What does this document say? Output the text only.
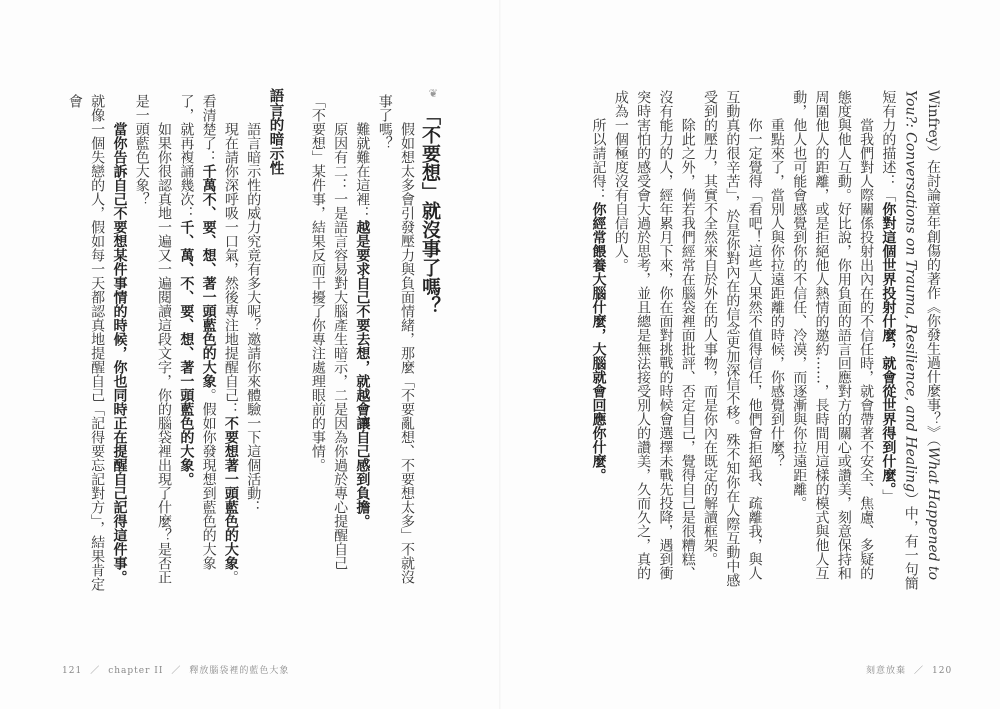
Winfrey）在討論童年創傷的著作《你發生過什麼事？》（What Happened to You?: Conversations on Trauma, Resilience, and Healing）中，有一句簡短有力的描述：「你對這個世界投射什麼，就會從世界得到什麼。」

當我們對人際關係投射出內在的不信任時，就會帶著不安全、焦慮、多疑的態度與他人互動。好比說，你用負面的語言回應對方的關心或讚美，刻意保持和周圍他人的距離，或是拒絕他人熱情的邀約……，長時間用這樣的模式與他人互動，他人也可能會感覺到你的不信任、冷漠，而逐漸與你拉遠距離。

重點來了，當別人與你拉遠距離的時候，你感覺到什麼？

你一定覺得「看吧！這些人果然不值得信任，他們會拒絕我、疏離我，與人互動真的很辛苦」，於是你對內在的信念更加深信不移。殊不知你在人際互動中感受到的壓力，其實不全然來自於外在的人事物，而是你內在既定的解讀框架。

除此之外，倘若我們經常在腦袋裡面批評、否定自己，覺得自己是很糟糕、沒有能力的人，經年累月下來，你在面對挑戰的時候會選擇未戰先投降，遇到衝突時害怕的感受會大過於思考，並且總是無法接受別人的讚美，久而久之，真的成為一個極度沒有自信的人。

所以請記得：你經常餵養大腦什麼，大腦就會回應你什麼。

刻意放棄 ／ 120
❦
「不要想」就沒事了嗎？

假如想太多會引發壓力與負面情緒，那麼「不要亂想、不要想太多」不就沒事了嗎？

難就難在這裡：越是要求自己不要去想，就越會讓自己感到負擔。

原因有二：一是語言容易對大腦產生暗示，二是因為你過於專心提醒自己「不要想」某件事，結果反而干擾了你專注處理眼前的事情。

語言的暗示性

語言暗示性的威力究竟有多大呢？邀請你來體驗一下這個活動：

現在請你深呼吸一口氣，然後專注地提醒自己：不要想著一頭藍色的大象。看清楚了：千萬不、要、想、著一頭藍色的大象。假如你發現想到藍色的大象了，就再複誦幾次：千、萬、不、要、想、著一頭藍色的大象。

如果你很認真地一遍又一遍閱讀這段文字，你的腦袋裡出現了什麼？是否正是一頭藍色大象？

當你告訴自己不要想某件事情的時候，你也同時正在提醒自己記得這件事。就像一個失戀的人，假如每一天都認真地提醒自己「記得要忘記對方」，結果肯定會

121 ／ chapter II ／ 釋放腦袋裡的藍色大象
